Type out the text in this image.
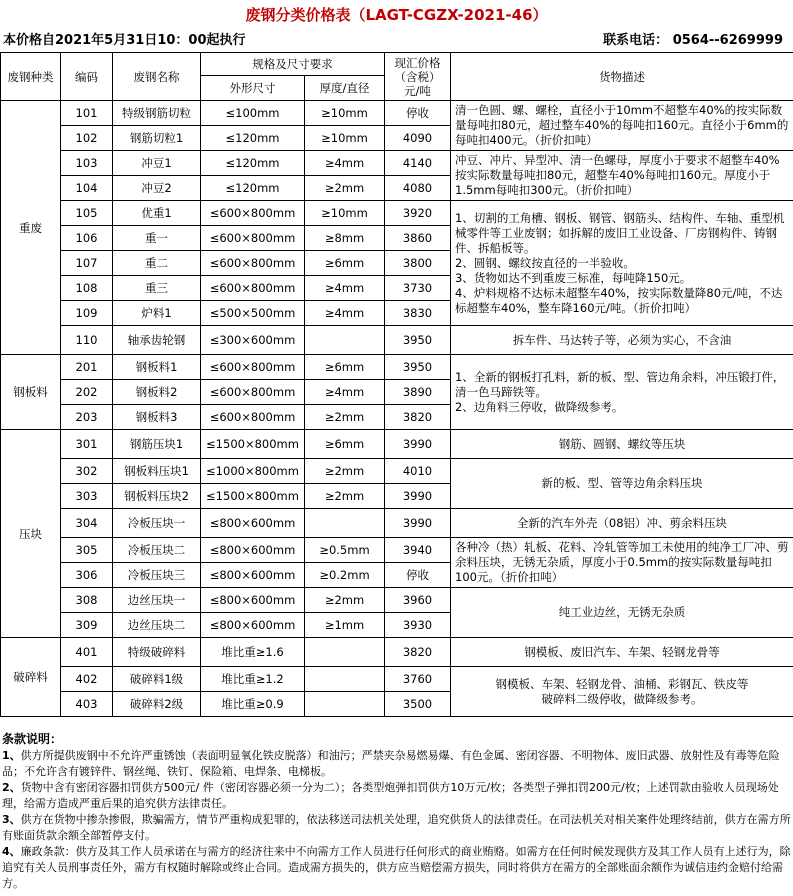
废钢分类价格表（LAGT-CGZX-2021-46）
本价格自2021年5月31日10：00起执行	联系电话： 0564--6269999
废钢种类	编码	废钢名称	规格及尺寸要求		现汇价格（含税）元/吨	货物描述
			外形尺寸	厚度/直径		
重废	101	特级钢筋切粒	≤100mm	≥10mm	停收	清一色圆、螺、螺栓，直径小于10mm不超整车40%的按实际数量每吨扣80元，超过整车40%的每吨扣160元。直径小于6mm的每吨扣400元。（折价扣吨）
	102	钢筋切粒1	≤120mm	≥10mm	4090	
	103	冲豆1	≤120mm	≥4mm	4140	冲豆、冲片、异型冲、清一色螺母，厚度小于要求不超整车40%按实际数量每吨扣80元，超整车40%每吨扣160元。厚度小于1.5mm每吨扣300元。（折价扣吨）
	104	冲豆2	≤120mm	≥2mm	4080	
	105	优重1	≤600×800mm	≥10mm	3920	1、切割的工角槽、钢板、钢管、钢筋头、结构件、车轴、重型机械零件等工业废钢；如拆解的废旧工业设备、厂房钢构件、铸钢件、拆船板等。
2、圆钢、螺纹按直径的一半验收。
3、货物如达不到重废三标准，每吨降150元。
4、炉料规格不达标未超整车40%，按实际数量降80元/吨，不达标超整车40%，整车降160元/吨。（折价扣吨）

	106	重一	≤600×800mm	≥8mm	3860	
	107	重二	≤600×800mm	≥6mm	3800	
	108	重三	≤600×800mm	≥4mm	3730	
	109	炉料1	≤500×500mm	≥4mm	3830	
	110	轴承齿轮钢	≤300×600mm		3950	拆车件、马达转子等，必须为实心，不含油
钢板料	201	钢板料1	≤600×800mm	≥6mm	3950	1、全新的钢板打孔料，新的板、型、管边角余料，冲压锻打件，清一色马蹄铁等。
2、边角料三停收，做降级参考。

	202	钢板料2	≤600×800mm	≥4mm	3890	
	203	钢板料3	≤600×800mm	≥2mm	3820	
压块	301	钢筋压块1	≤1500×800mm	≥6mm	3990	钢筋、圆钢、螺纹等压块
	302	钢板料压块1	≤1000×800mm	≥2mm	4010	新的板、型、管等边角余料压块
	303	钢板料压块2	≤1500×800mm	≥2mm	3990	
	304	冷板压块一	≤800×600mm		3990	全新的汽车外壳（08铝）冲、剪余料压块
	305	冷板压块二	≤800×600mm	≥0.5mm	3940	各种冷（热）轧板、花料、冷轧管等加工未使用的纯净工厂冲、剪余料压块，无锈无杂质，厚度小于0.5mm的按实际数量每吨扣100元。（折价扣吨）
	306	冷板压块三	≤800×600mm	≥0.2mm	停收	
	308	边丝压块一	≤800×600mm	≥2mm	3960	纯工业边丝，无锈无杂质
	309	边丝压块二	≤800×600mm	≥1mm	3930	
破碎料	401	特级破碎料	堆比重≥1.6		3820	钢模板、废旧汽车、车架、轻钢龙骨等
	402	破碎料1级	堆比重≥1.2		3760	钢模板、车架、轻钢龙骨、油桶、彩钢瓦、铁皮等
破碎料二级停收，做降级参考。

	403	破碎料2级	堆比重≥0.9		3500	

条款说明：

1、供方所提供废钢中不允许严重锈蚀（表面明显氧化铁皮脱落）和油污；严禁夹杂易燃易爆、有色金属、密闭容器、不明物体、废旧武器、放射性及有毒等危险品；不允许含有镀锌件、钢丝绳、铁钉、保险箱、电焊条、电梯板。

2、货物中含有密闭容器扣罚供方500元/ 件（密闭容器必须一分为二）；各类型炮弹扣罚供方10万元/枚；各类型子弹扣罚200元/枚；上述罚款由验收人员现场处理，给需方造成严重后果的追究供方法律责任。

3、供方在货物中掺杂掺假，欺骗需方，情节严重构成犯罪的，依法移送司法机关处理，追究供货人的法律责任。在司法机关对相关案件处理终结前，供方在需方所有账面货款余额全部暂停支付。

4、廉政条款：供方及其工作人员承诺在与需方的经济往来中不向需方工作人员进行任何形式的商业贿赂。如需方在任何时候发现供方及其工作人员有上述行为，除追究有关人员刑事责任外，需方有权随时解除或终止合同。造成需方损失的，供方应当赔偿需方损失，同时将供方在需方的全部账面余额作为诚信违约金赔付给需方。
